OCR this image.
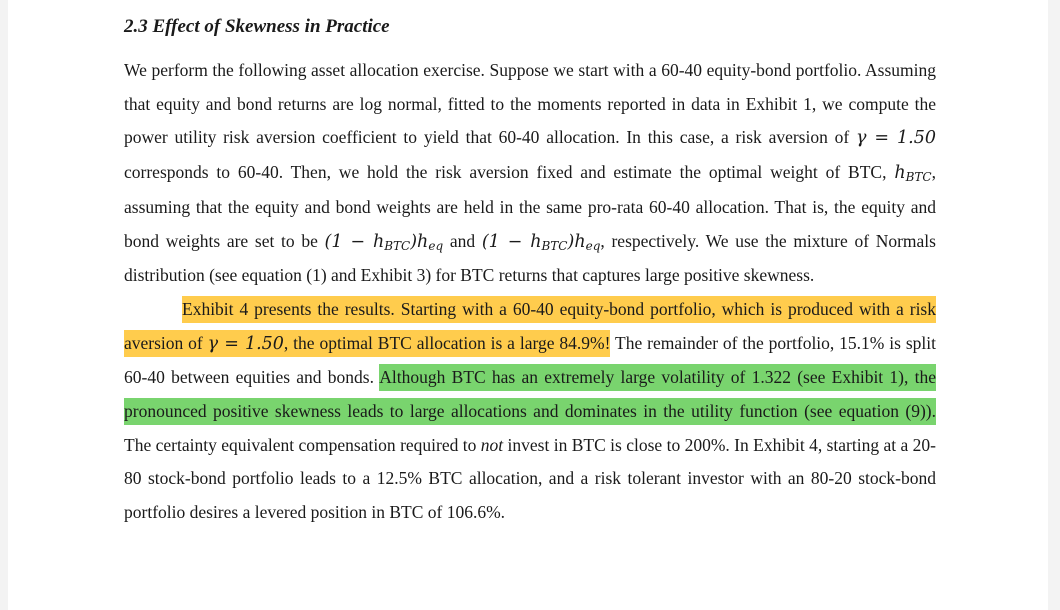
2.3 Effect of Skewness in Practice

We perform the following asset allocation exercise. Suppose we start with a 60-40 equity-bond portfolio. Assuming that equity and bond returns are log normal, fitted to the moments reported in data in Exhibit 1, we compute the power utility risk aversion coefficient to yield that 60-40 allocation. In this case, a risk aversion of γ = 1.50 corresponds to 60-40. Then, we hold the risk aversion fixed and estimate the optimal weight of BTC, $h_{BTC}$, assuming that the equity and bond weights are held in the same pro-rata 60-40 allocation. That is, the equity and bond weights are set to be $(1 - h_{BTC})h_{eq}$ and $(1 - h_{BTC})h_{eq}$, respectively. We use the mixture of Normals distribution (see equation (1) and Exhibit 3) for BTC returns that captures large positive skewness.

Exhibit 4 presents the results. Starting with a 60-40 equity-bond portfolio, which is produced with a risk aversion of γ = 1.50, the optimal BTC allocation is a large 84.9%! The remainder of the portfolio, 15.1% is split 60-40 between equities and bonds. Although BTC has an extremely large volatility of 1.322 (see Exhibit 1), the pronounced positive skewness leads to large allocations and dominates in the utility function (see equation (9)). The certainty equivalent compensation required to not invest in BTC is close to 200%. In Exhibit 4, starting at a 20-80 stock-bond portfolio leads to a 12.5% BTC allocation, and a risk tolerant investor with an 80-20 stock-bond portfolio desires a levered position in BTC of 106.6%.
